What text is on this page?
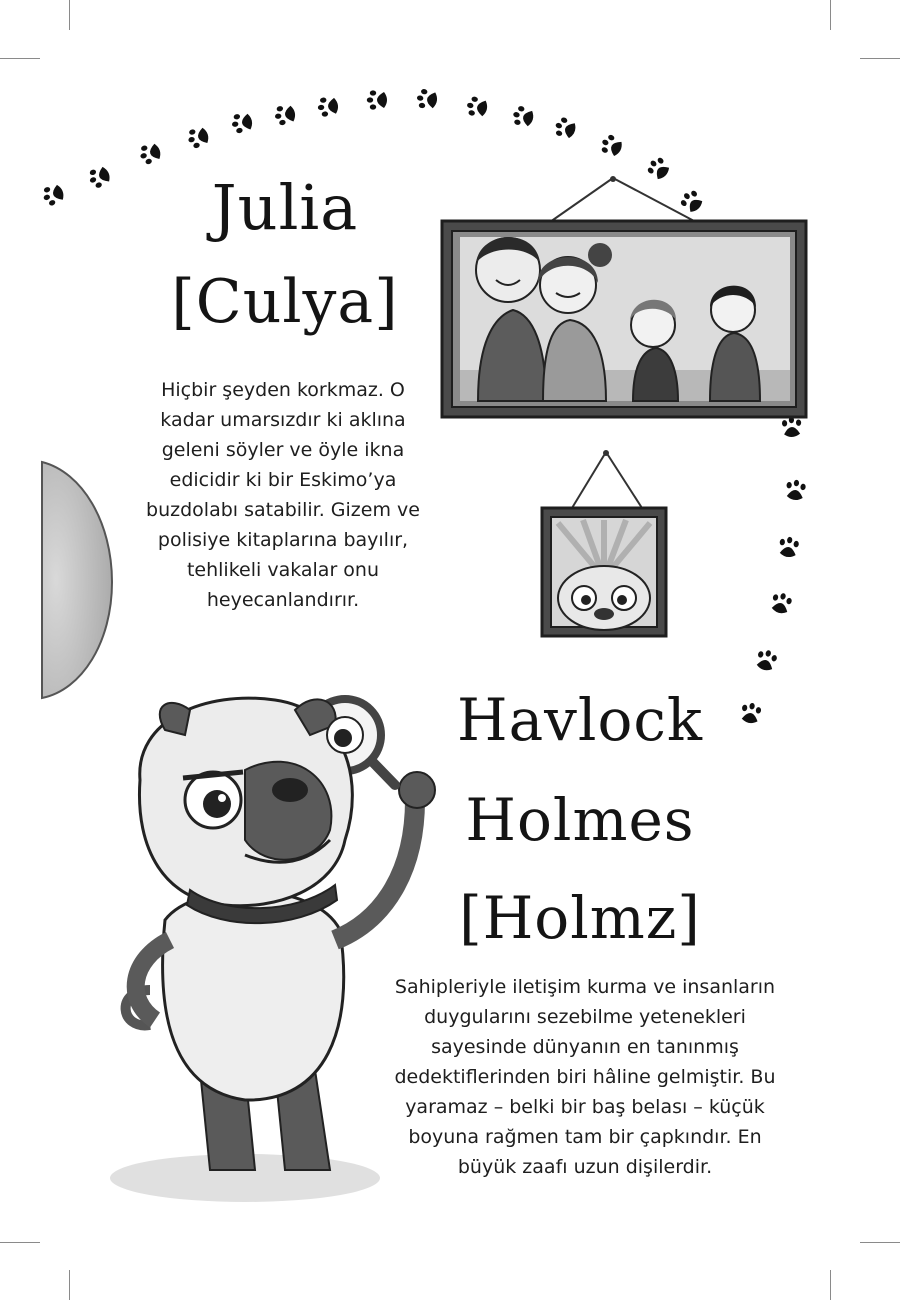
Julia
[Culya]

Hiçbir şeyden korkmaz. O kadar umarsızdır ki aklına geleni söyler ve öyle ikna edicidir ki bir Eskimo’ya buzdolabı satabilir. Gizem ve polisiye kitaplarına bayılır, tehlikeli vakalar onu heyecanlandırır.

Havlock
Holmes
[Holmz]

Sahipleriyle iletişim kurma ve insanların duygularını sezebilme yetenekleri sayesinde dünyanın en tanınmış dedektiflerinden biri hâline gelmiştir. Bu yaramaz – belki bir baş belası – küçük boyuna rağmen tam bir çapkındır. En büyük zaafı uzun dişilerdir.
